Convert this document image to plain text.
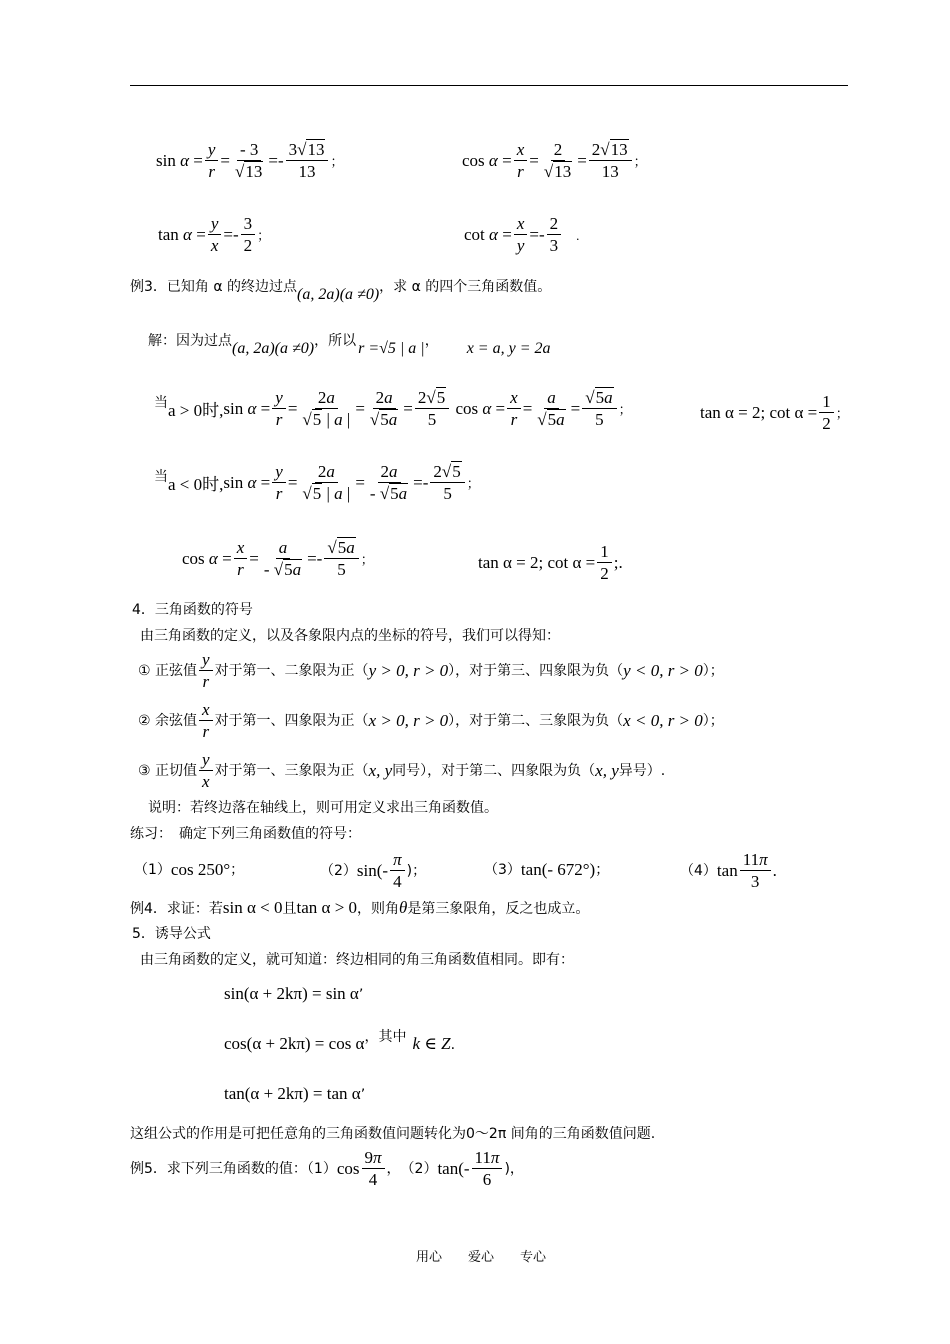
$\sin \alpha = \frac{y}{r} = \frac{- 3}{√13} =- \frac{3√13}{13}$ ；	$\cos \alpha = \frac{x}{r} = \frac{2}{√13} = \frac{2√13}{13}$ ；
$\tan \alpha = \frac{y}{x} =- \frac{3}{2}$ ；	$\cot \alpha = \frac{x}{y} =- \frac{2}{3}$ 　.
例3．已知角 α 的终边过点(a, 2a)(a ≠0)，求 α 的四个三角函数值。
解：因为过点(a, 2a)(a ≠0)，所以 r =√5 | a |， x = a, y = 2a
当 a > 0时, $\sin \alpha = \frac{y}{r} = \frac{2a}{√5 | a |} = \frac{2a}{√5a} = \frac{2√5}{5}$ $\cos \alpha = \frac{x}{r} = \frac{a}{√5a} = \frac{√5a}{5}$ ；	tan α = 2; $\cot \alpha = \frac{1}{2}$ ；
当 a < 0时, $\sin \alpha = \frac{y}{r} = \frac{2a}{√5 | a |} = \frac{2a}{- √5a} =- \frac{2√5}{5}$ ；
$\cos \alpha = \frac{x}{r} = \frac{a}{- √5a} =- \frac{√5a}{5}$ ；	tan α = 2; $\cot \alpha = \frac{1}{2}$ ;.
4．三角函数的符号
由三角函数的定义，以及各象限内点的坐标的符号，我们可以得知：
① 正弦值 $\frac{y}{r}$ 对于第一、二象限为正（ y > 0, r > 0 ），对于第三、四象限为负（ y < 0, r > 0 ）；
② 余弦值 $\frac{x}{r}$ 对于第一、四象限为正（ x > 0, r > 0 ），对于第二、三象限为负（ x < 0, r > 0 ）；
③ 正切值 $\frac{y}{x}$ 对于第一、三象限为正（ x, y 同号），对于第二、四象限为负（ x, y 异号）.
说明：若终边落在轴线上，则可用定义求出三角函数值。
练习：　确定下列三角函数值的符号：
（1） cos 250° ；	（2） $\sin(- \frac{\pi}{4}$ )；	（3） tan(- 672°) ；	（4） $\tan \frac{11\pi}{3}$ .
例4．求证：若sin α < 0且tan α > 0，则角θ是第三象限角，反之也成立。
5．诱导公式
由三角函数的定义，就可知道：终边相同的角三角函数值相同。即有：
sin(α + 2kπ) = sin α’
$\cos(\alpha + 2k\pi) = \cos \alpha^{,其中}$ k ∈ Z.
tan(α + 2kπ) = tan α’
这组公式的作用是可把任意角的三角函数值问题转化为0～2π 间角的三角函数值问题.
例5．求下列三角函数的值：（1） $\cos \frac{9\pi}{4}$ ，　（2） $\tan(- \frac{11\pi}{6}$ )，
用心　　爱心　　专心
